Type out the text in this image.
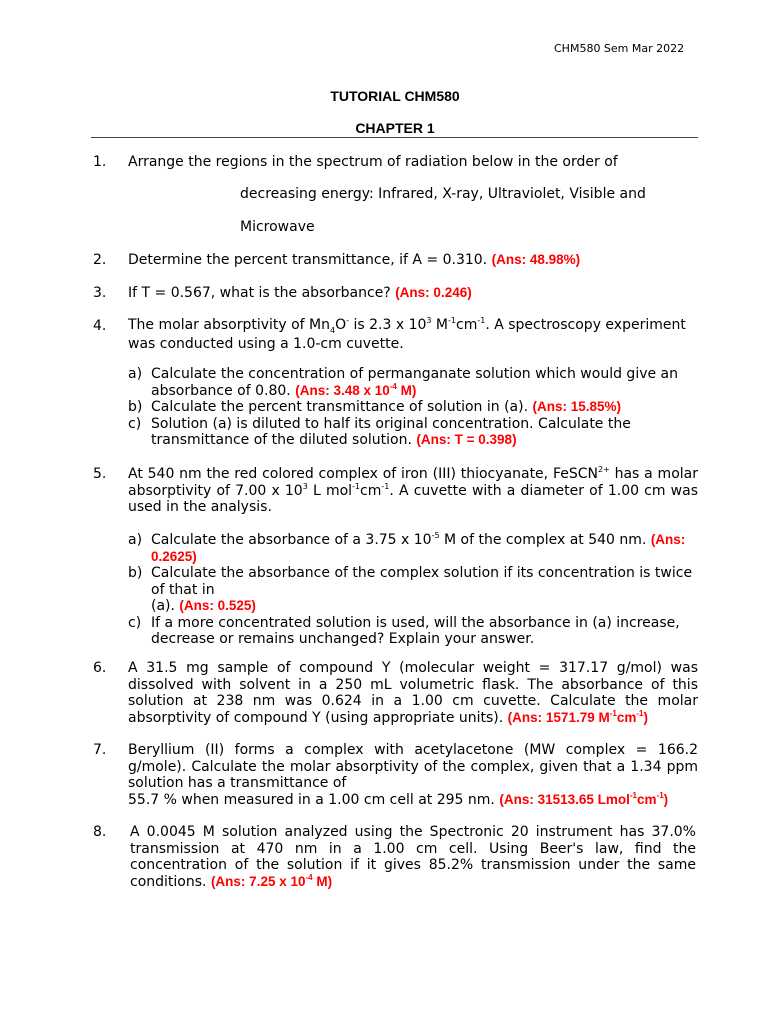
CHM580 Sem Mar 2022
TUTORIAL CHM580
CHAPTER 1
1. Arrange the regions in the spectrum of radiation below in the order of
decreasing energy: Infrared, X-ray, Ultraviolet, Visible and
Microwave
2. Determine the percent transmittance, if A = 0.310. (Ans: 48.98%)
3. If T = 0.567, what is the absorbance? (Ans: 0.246)
4. The molar absorptivity of $Mn_4O^-$ is 2.3 x $10^3$ $M^{-1}cm^{-1}$. A spectroscopy experiment was conducted using a 1.0-cm cuvette.
a) Calculate the concentration of permanganate solution which would give an absorbance of 0.80. (Ans: 3.48 x $10^{-4}$ M)
b) Calculate the percent transmittance of solution in (a). (Ans: 15.85%)
c) Solution (a) is diluted to half its original concentration. Calculate the transmittance of the diluted solution. (Ans: T = 0.398)
5. At 540 nm the red colored complex of iron (III) thiocyanate, FeSCN$^{2+}$ has a molar absorptivity of 7.00 x $10^3$ L $mol^{-1}cm^{-1}$. A cuvette with a diameter of 1.00 cm was used in the analysis.
a) Calculate the absorbance of a 3.75 x $10^{-5}$ M of the complex at 540 nm. (Ans: 0.2625)
b) Calculate the absorbance of the complex solution if its concentration is twice of that in
(a). (Ans: 0.525)
c) If a more concentrated solution is used, will the absorbance in (a) increase, decrease or remains unchanged? Explain your answer.
6. A 31.5 mg sample of compound Y (molecular weight = 317.17 g/mol) was dissolved with solvent in a 250 mL volumetric flask. The absorbance of this solution at 238 nm was 0.624 in a 1.00 cm cuvette. Calculate the molar absorptivity of compound Y (using appropriate units). (Ans: 1571.79 $M^{-1}cm^{-1}$)
7. Beryllium (II) forms a complex with acetylacetone (MW complex = 166.2 g/mole). Calculate the molar absorptivity of the complex, given that a 1.34 ppm solution has a transmittance of
55.7 % when measured in a 1.00 cm cell at 295 nm. (Ans: 31513.65 $Lmol^{-1}cm^{-1}$)
8. A 0.0045 M solution analyzed using the Spectronic 20 instrument has 37.0% transmission at 470 nm in a 1.00 cm cell. Using Beer's law, find the concentration of the solution if it gives 85.2% transmission under the same conditions. (Ans: 7.25 x $10^{-4}$ M)
